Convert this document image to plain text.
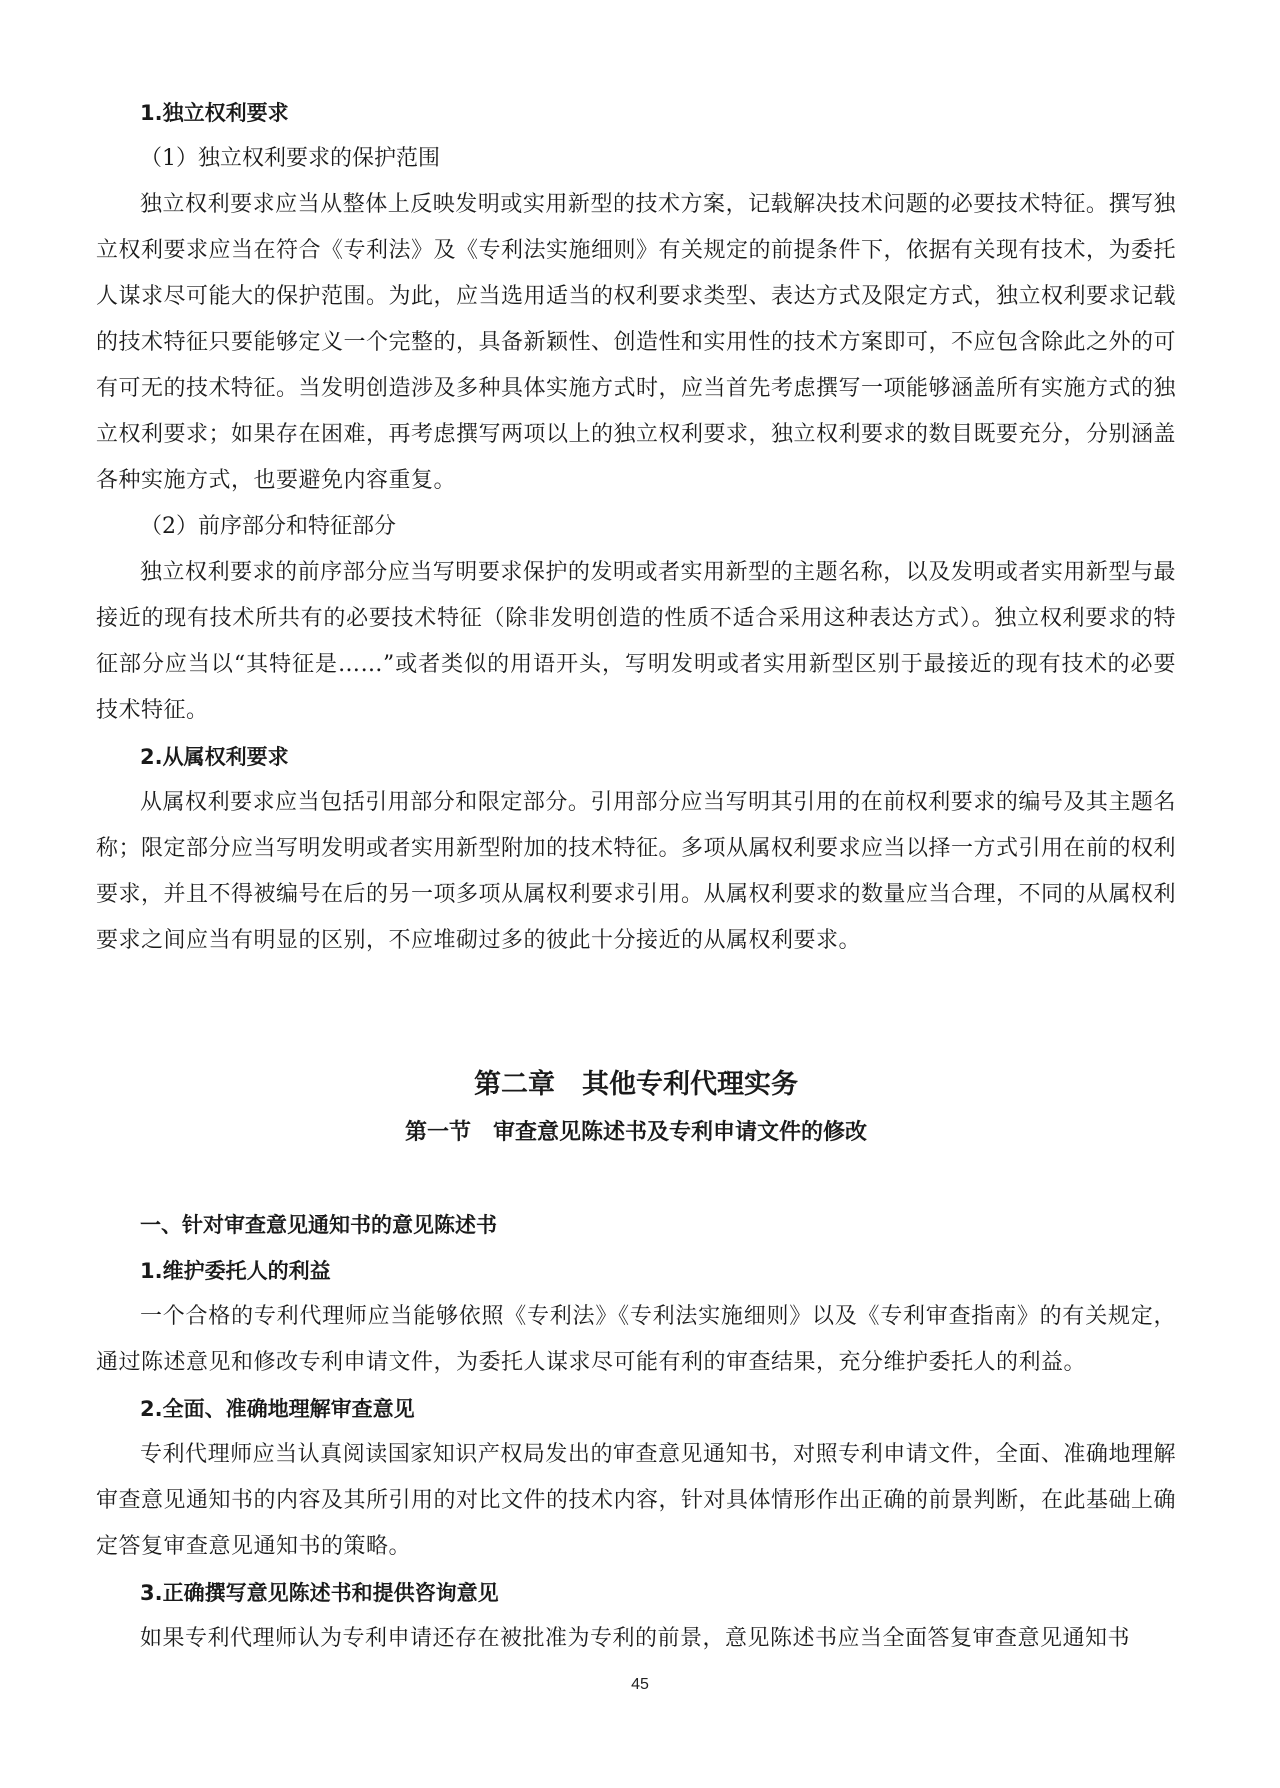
1.独立权利要求

（1）独立权利要求的保护范围

独立权利要求应当从整体上反映发明或实用新型的技术方案，记载解决技术问题的必要技术特征。撰写独立权利要求应当在符合《专利法》及《专利法实施细则》有关规定的前提条件下，依据有关现有技术，为委托人谋求尽可能大的保护范围。为此，应当选用适当的权利要求类型、表达方式及限定方式，独立权利要求记载的技术特征只要能够定义一个完整的，具备新颖性、创造性和实用性的技术方案即可，不应包含除此之外的可有可无的技术特征。当发明创造涉及多种具体实施方式时，应当首先考虑撰写一项能够涵盖所有实施方式的独立权利要求；如果存在困难，再考虑撰写两项以上的独立权利要求，独立权利要求的数目既要充分，分别涵盖各种实施方式，也要避免内容重复。

（2）前序部分和特征部分

独立权利要求的前序部分应当写明要求保护的发明或者实用新型的主题名称，以及发明或者实用新型与最接近的现有技术所共有的必要技术特征（除非发明创造的性质不适合采用这种表达方式）。独立权利要求的特征部分应当以“其特征是……”或者类似的用语开头，写明发明或者实用新型区别于最接近的现有技术的必要技术特征。

2.从属权利要求

从属权利要求应当包括引用部分和限定部分。引用部分应当写明其引用的在前权利要求的编号及其主题名称；限定部分应当写明发明或者实用新型附加的技术特征。多项从属权利要求应当以择一方式引用在前的权利要求，并且不得被编号在后的另一项多项从属权利要求引用。从属权利要求的数量应当合理，不同的从属权利要求之间应当有明显的区别，不应堆砌过多的彼此十分接近的从属权利要求。

第二章　其他专利代理实务

第一节　审查意见陈述书及专利申请文件的修改

一、针对审查意见通知书的意见陈述书

1.维护委托人的利益

一个合格的专利代理师应当能够依照《专利法》《专利法实施细则》以及《专利审查指南》的有关规定，通过陈述意见和修改专利申请文件，为委托人谋求尽可能有利的审查结果，充分维护委托人的利益。

2.全面、准确地理解审查意见

专利代理师应当认真阅读国家知识产权局发出的审查意见通知书，对照专利申请文件，全面、准确地理解审查意见通知书的内容及其所引用的对比文件的技术内容，针对具体情形作出正确的前景判断，在此基础上确定答复审查意见通知书的策略。

3.正确撰写意见陈述书和提供咨询意见

如果专利代理师认为专利申请还存在被批准为专利的前景，意见陈述书应当全面答复审查意见通知书

45
